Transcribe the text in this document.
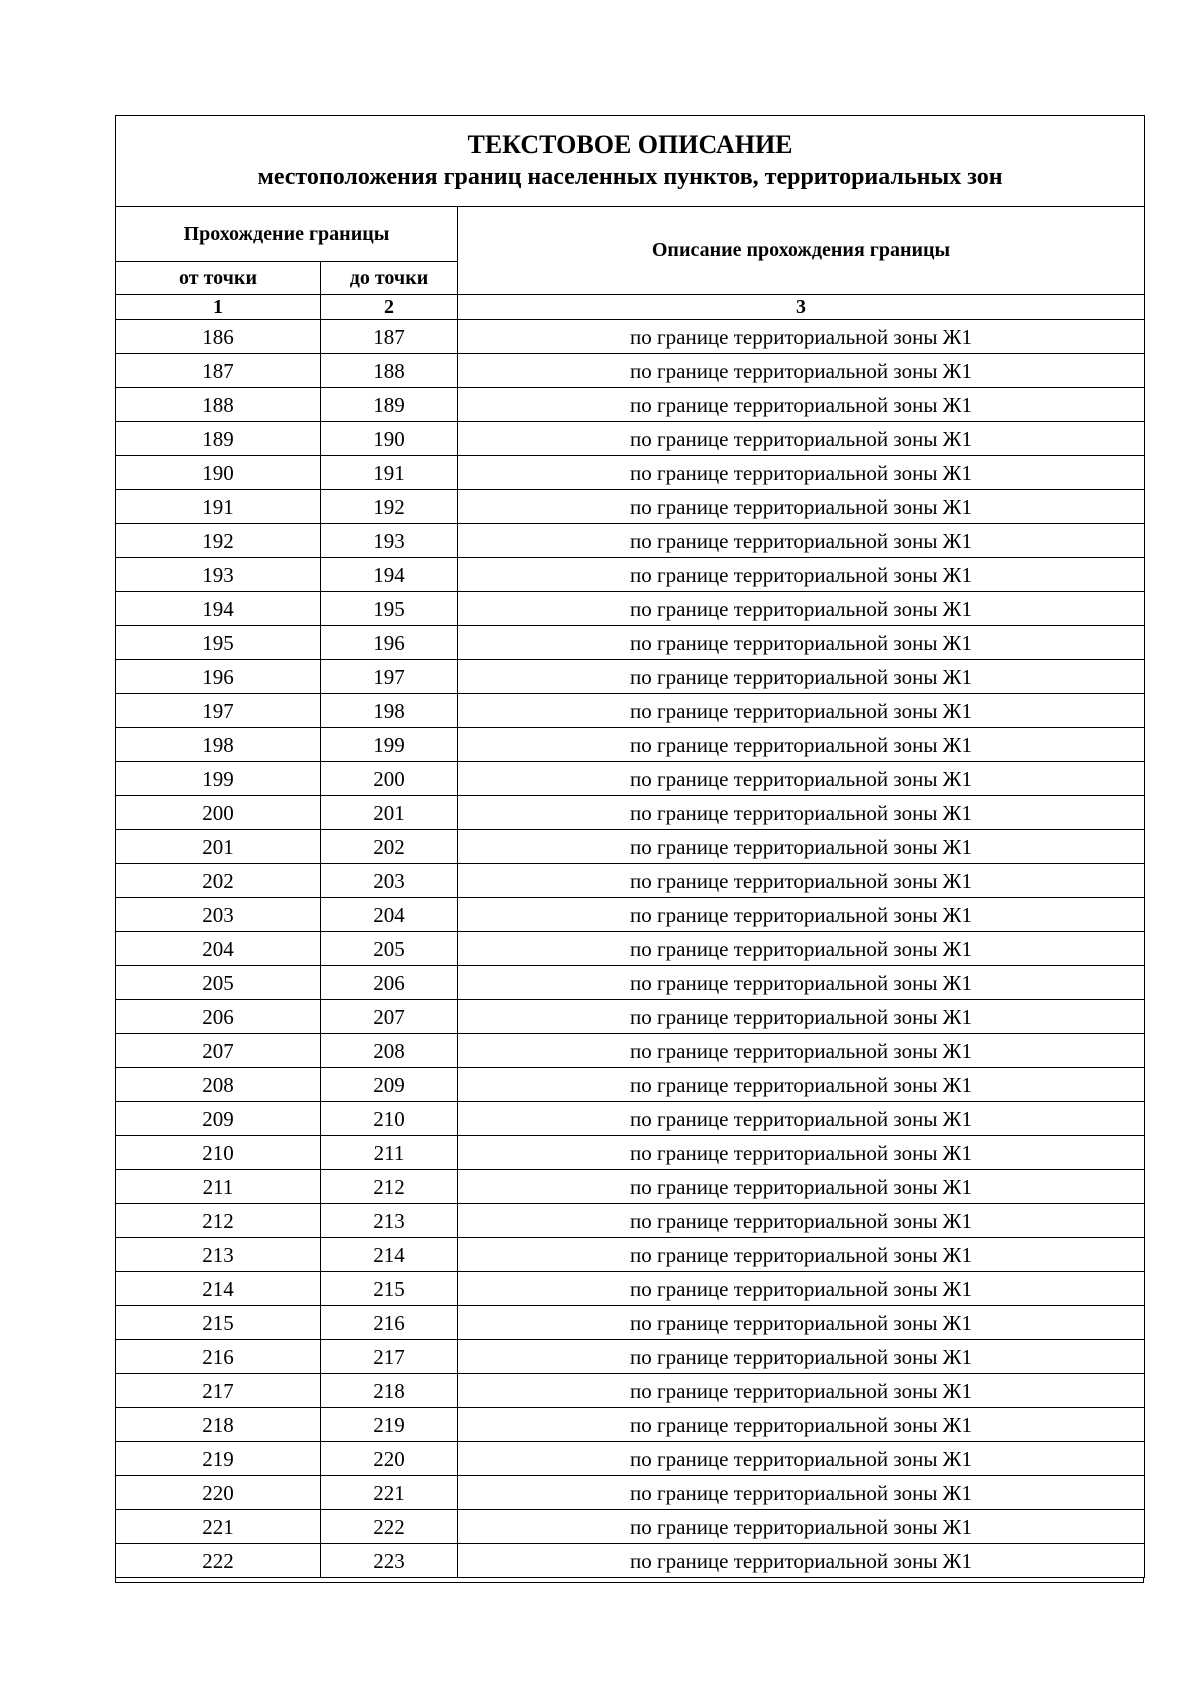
ТЕКСТОВОЕ ОПИСАНИЕ
местоположения границ населенных пунктов, территориальных зон		

Прохождение границы		Описание прохождения границы
от точки	до точки	
1	2	3
186	187	по границе территориальной зоны Ж1
187	188	по границе территориальной зоны Ж1
188	189	по границе территориальной зоны Ж1
189	190	по границе территориальной зоны Ж1
190	191	по границе территориальной зоны Ж1
191	192	по границе территориальной зоны Ж1
192	193	по границе территориальной зоны Ж1
193	194	по границе территориальной зоны Ж1
194	195	по границе территориальной зоны Ж1
195	196	по границе территориальной зоны Ж1
196	197	по границе территориальной зоны Ж1
197	198	по границе территориальной зоны Ж1
198	199	по границе территориальной зоны Ж1
199	200	по границе территориальной зоны Ж1
200	201	по границе территориальной зоны Ж1
201	202	по границе территориальной зоны Ж1
202	203	по границе территориальной зоны Ж1
203	204	по границе территориальной зоны Ж1
204	205	по границе территориальной зоны Ж1
205	206	по границе территориальной зоны Ж1
206	207	по границе территориальной зоны Ж1
207	208	по границе территориальной зоны Ж1
208	209	по границе территориальной зоны Ж1
209	210	по границе территориальной зоны Ж1
210	211	по границе территориальной зоны Ж1
211	212	по границе территориальной зоны Ж1
212	213	по границе территориальной зоны Ж1
213	214	по границе территориальной зоны Ж1
214	215	по границе территориальной зоны Ж1
215	216	по границе территориальной зоны Ж1
216	217	по границе территориальной зоны Ж1
217	218	по границе территориальной зоны Ж1
218	219	по границе территориальной зоны Ж1
219	220	по границе территориальной зоны Ж1
220	221	по границе территориальной зоны Ж1
221	222	по границе территориальной зоны Ж1
222	223	по границе территориальной зоны Ж1
